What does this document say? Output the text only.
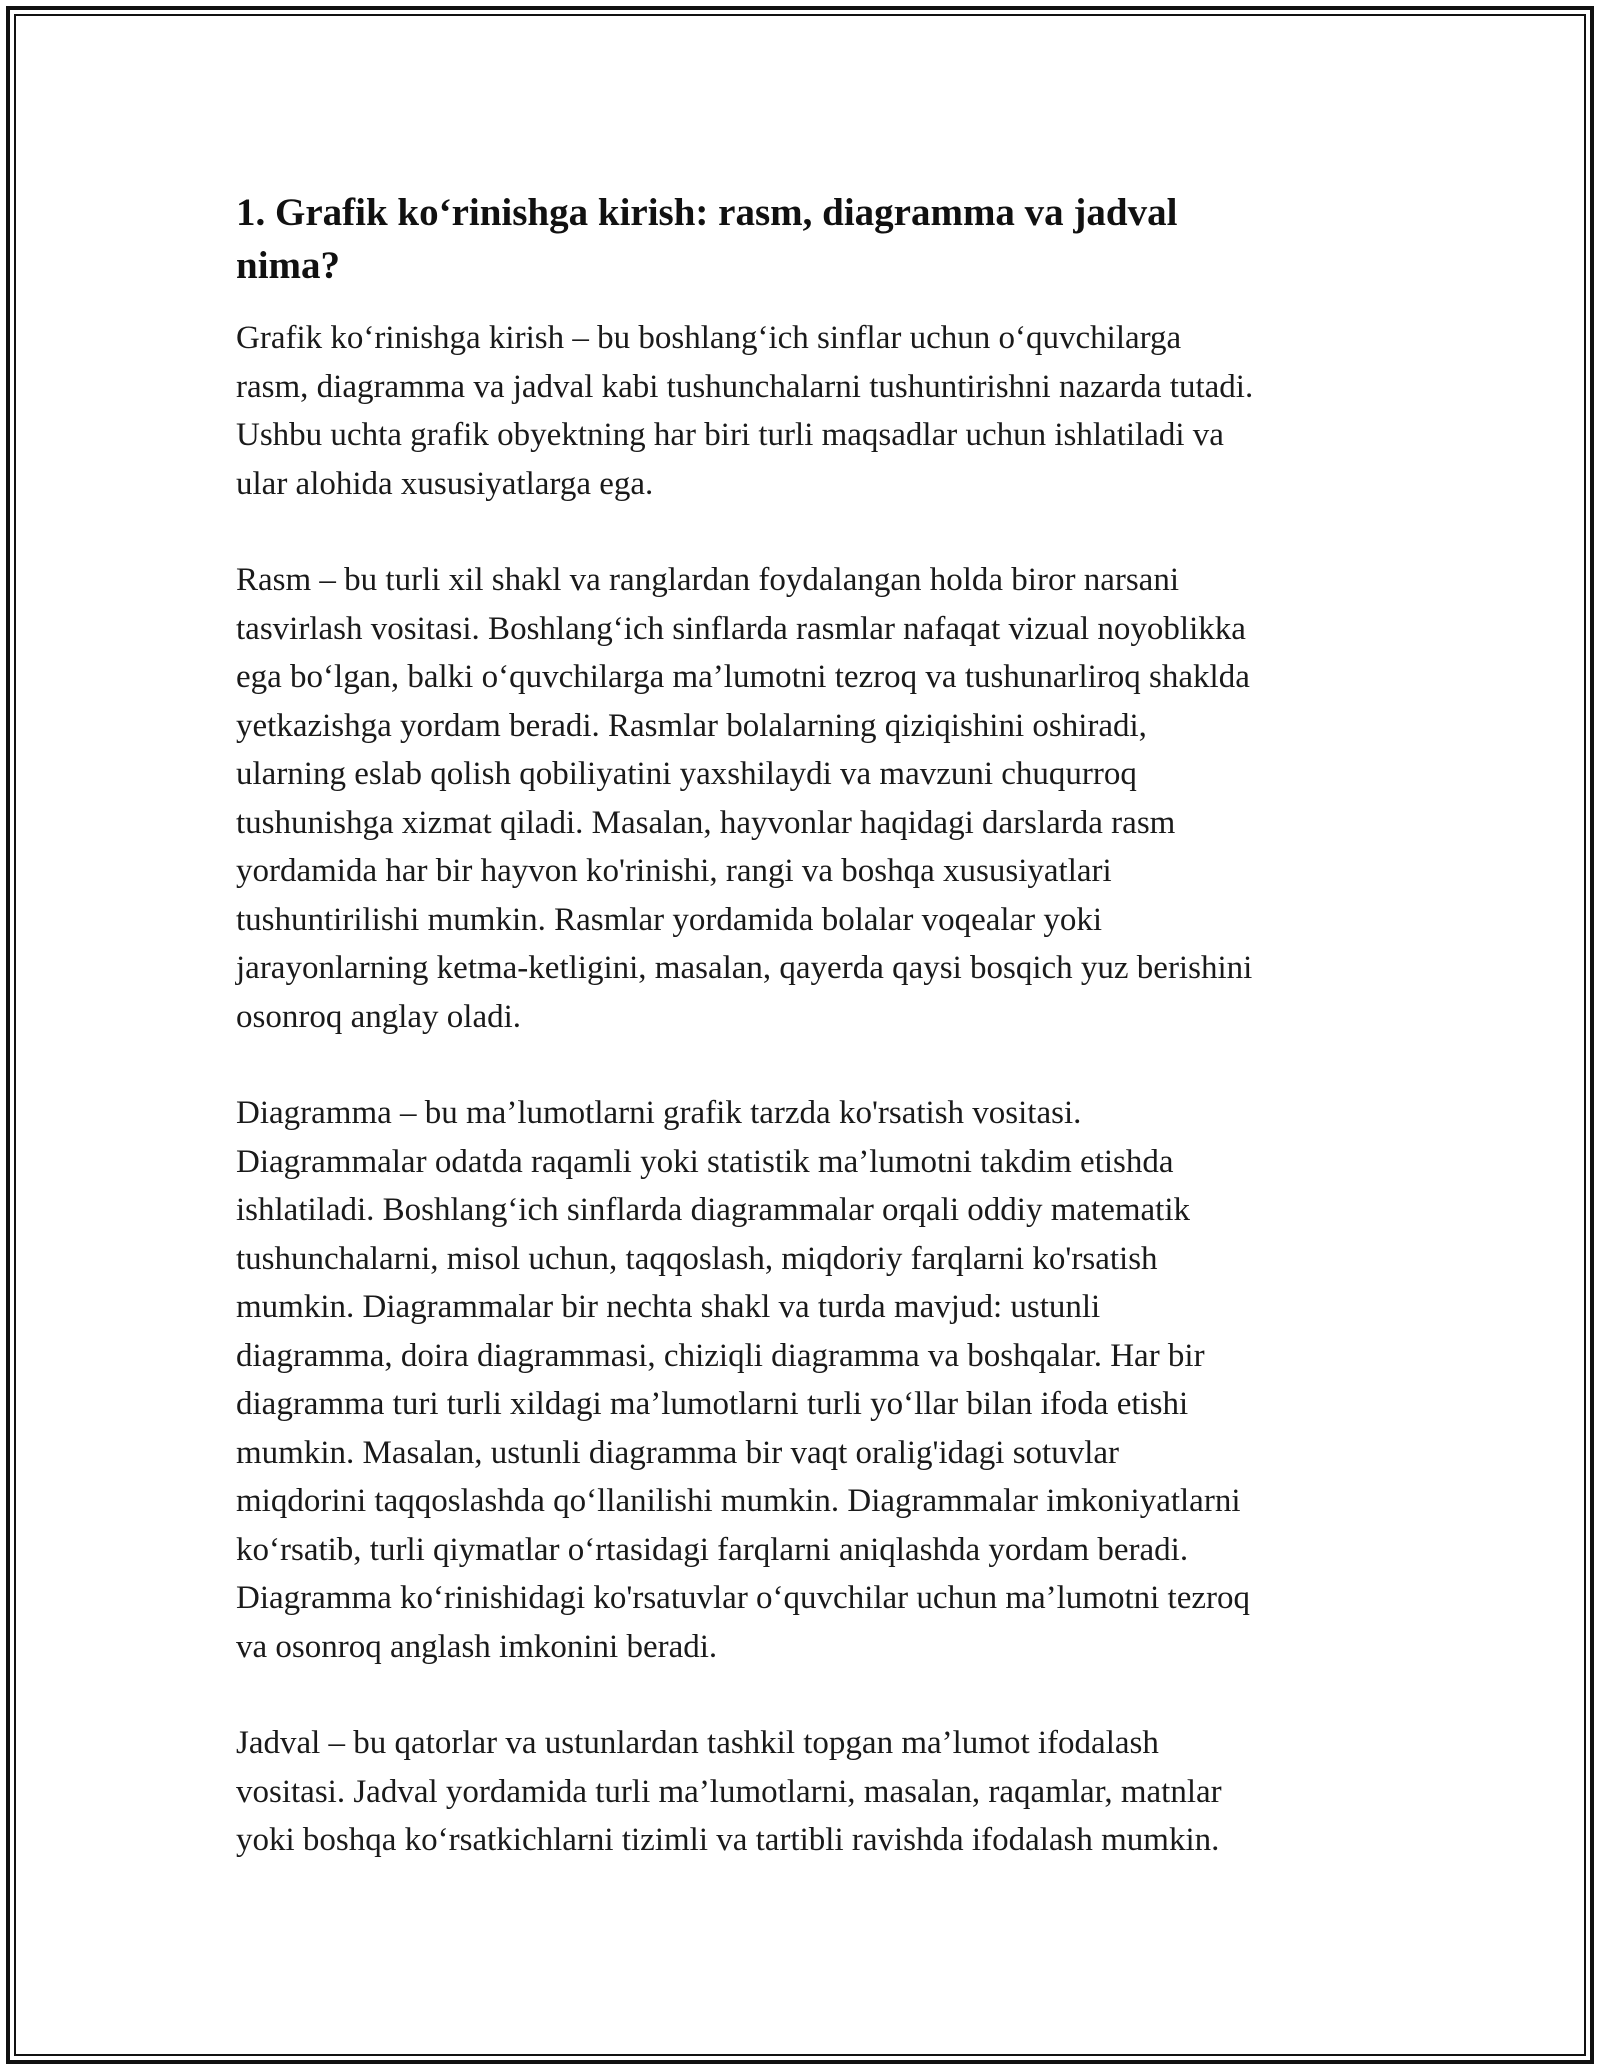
1. Grafik ko‘rinishga kirish: rasm, diagramma va jadval
nima?

Grafik ko‘rinishga kirish – bu boshlang‘ich sinflar uchun o‘quvchilarga
rasm, diagramma va jadval kabi tushunchalarni tushuntirishni nazarda tutadi.
Ushbu uchta grafik obyektning har biri turli maqsadlar uchun ishlatiladi va
ular alohida xususiyatlarga ega.

Rasm – bu turli xil shakl va ranglardan foydalangan holda biror narsani
tasvirlash vositasi. Boshlang‘ich sinflarda rasmlar nafaqat vizual noyoblikka
ega bo‘lgan, balki o‘quvchilarga ma’lumotni tezroq va tushunarliroq shaklda
yetkazishga yordam beradi. Rasmlar bolalarning qiziqishini oshiradi,
ularning eslab qolish qobiliyatini yaxshilaydi va mavzuni chuqurroq
tushunishga xizmat qiladi. Masalan, hayvonlar haqidagi darslarda rasm
yordamida har bir hayvon ko'rinishi, rangi va boshqa xususiyatlari
tushuntirilishi mumkin. Rasmlar yordamida bolalar voqealar yoki
jarayonlarning ketma-ketligini, masalan, qayerda qaysi bosqich yuz berishini
osonroq anglay oladi.

Diagramma – bu ma’lumotlarni grafik tarzda ko'rsatish vositasi.
Diagrammalar odatda raqamli yoki statistik ma’lumotni takdim etishda
ishlatiladi. Boshlang‘ich sinflarda diagrammalar orqali oddiy matematik
tushunchalarni, misol uchun, taqqoslash, miqdoriy farqlarni ko'rsatish
mumkin. Diagrammalar bir nechta shakl va turda mavjud: ustunli
diagramma, doira diagrammasi, chiziqli diagramma va boshqalar. Har bir
diagramma turi turli xildagi ma’lumotlarni turli yo‘llar bilan ifoda etishi
mumkin. Masalan, ustunli diagramma bir vaqt oralig'idagi sotuvlar
miqdorini taqqoslashda qo‘llanilishi mumkin. Diagrammalar imkoniyatlarni
ko‘rsatib, turli qiymatlar o‘rtasidagi farqlarni aniqlashda yordam beradi.
Diagramma ko‘rinishidagi ko'rsatuvlar o‘quvchilar uchun ma’lumotni tezroq
va osonroq anglash imkonini beradi.

Jadval – bu qatorlar va ustunlardan tashkil topgan ma’lumot ifodalash
vositasi. Jadval yordamida turli ma’lumotlarni, masalan, raqamlar, matnlar
yoki boshqa ko‘rsatkichlarni tizimli va tartibli ravishda ifodalash mumkin.
